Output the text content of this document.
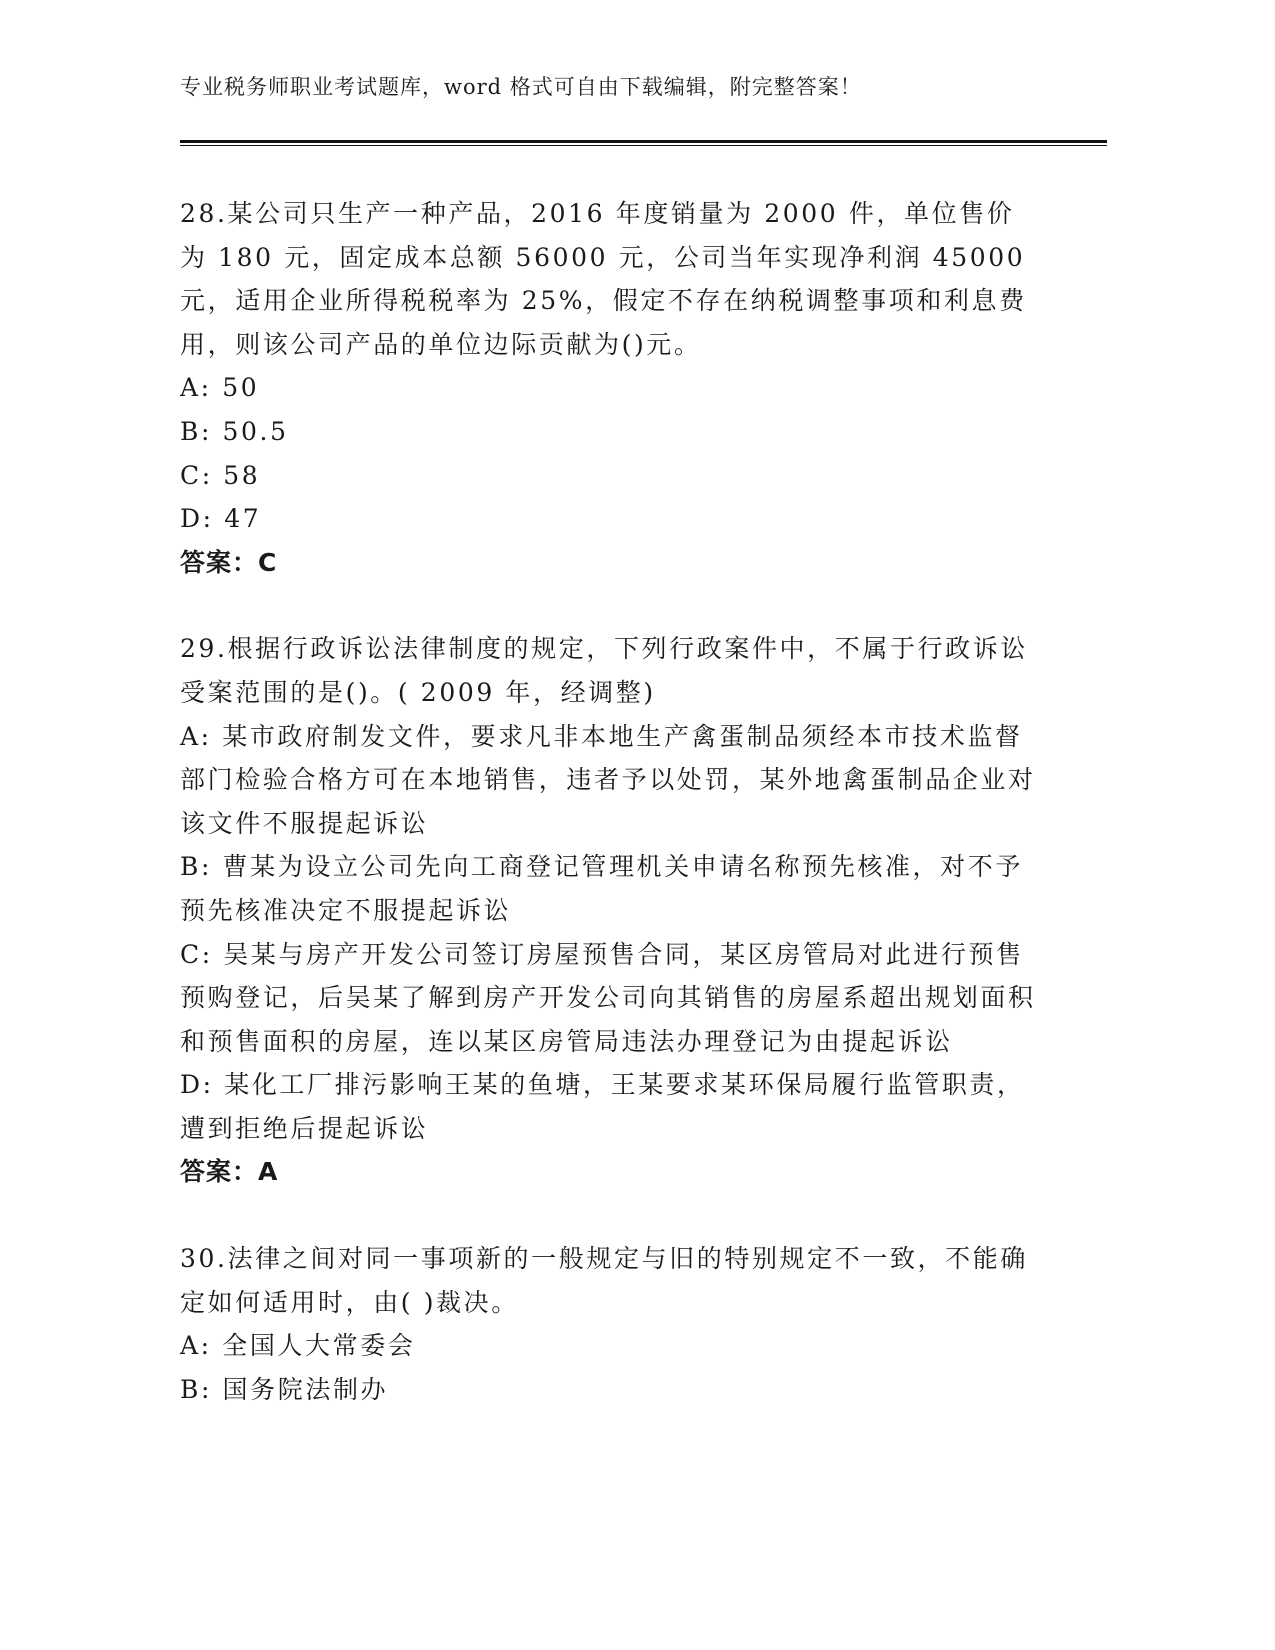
专业税务师职业考试题库，word 格式可自由下载编辑，附完整答案！
28.某公司只生产一种产品，2016 年度销量为 2000 件，单位售价为 180 元，固定成本总额 56000 元，公司当年实现净利润 45000 元，适用企业所得税税率为 25%，假定不存在纳税调整事项和利息费用，则该公司产品的单位边际贡献为()元。
A: 50
B: 50.5
C: 58
D: 47
答案：C
29.根据行政诉讼法律制度的规定，下列行政案件中，不属于行政诉讼受案范围的是()。( 2009 年，经调整)
A: 某市政府制发文件，要求凡非本地生产禽蛋制品须经本市技术监督部门检验合格方可在本地销售，违者予以处罚，某外地禽蛋制品企业对该文件不服提起诉讼
B: 曹某为设立公司先向工商登记管理机关申请名称预先核准，对不予预先核准决定不服提起诉讼
C: 吴某与房产开发公司签订房屋预售合同，某区房管局对此进行预售预购登记，后吴某了解到房产开发公司向其销售的房屋系超出规划面积和预售面积的房屋，连以某区房管局违法办理登记为由提起诉讼
D: 某化工厂排污影响王某的鱼塘，王某要求某环保局履行监管职责，遭到拒绝后提起诉讼
答案：A
30.法律之间对同一事项新的一般规定与旧的特别规定不一致，不能确定如何适用时，由( )裁决。
A: 全国人大常委会
B: 国务院法制办
